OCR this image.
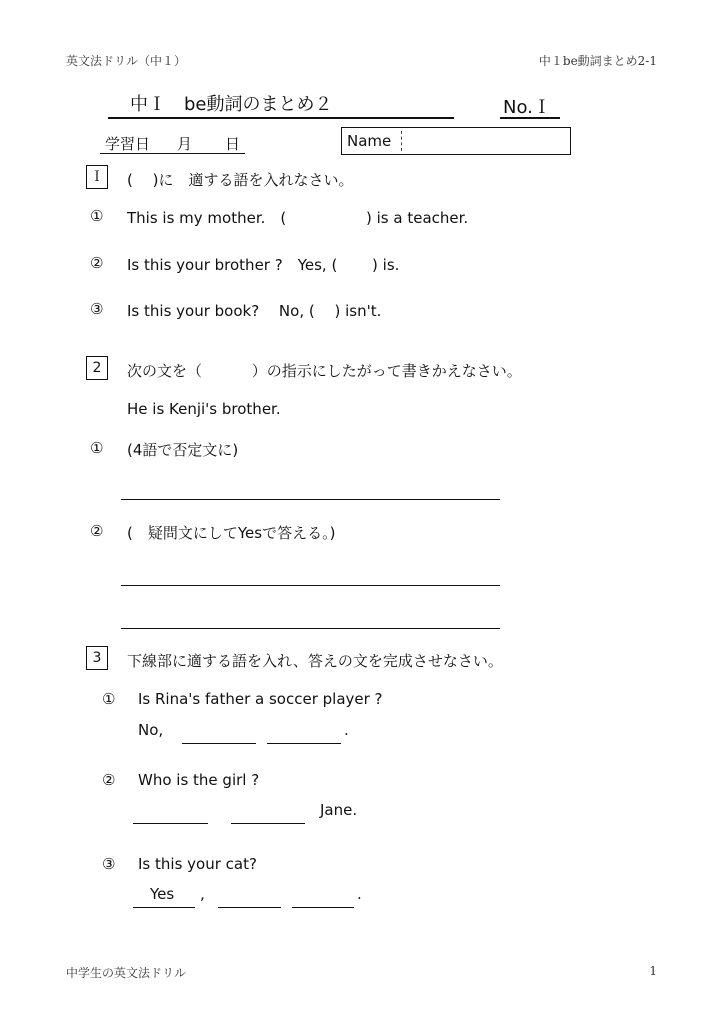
英文法ドリル（中１）	中１be動詞まとめ2-1
中Ｉ　be動詞のまとめ２	No.Ｉ
学習日 月 日	Name
Ｉ (　 )に　適する語を入れなさい。
① This is my mother.　(　　　　　 ) is a teacher.
② Is this your brother ?　Yes, (　　 ) is.
③ Is this your book?　 No, (　 ) isn't.
2	次の文を（　　　 ）の指示にしたがって書きかえなさい。
He is Kenji's brother.
① (4語で否定文に)
② (　疑問文にしてYesで答える。)
3	下線部に適する語を入れ、答えの文を完成させなさい。
① Is Rina's father a soccer player ?
No,	.
② Who is the girl ?
Jane.
③ Is this your cat?
Yes ,	.
中学生の英文法ドリル	1
